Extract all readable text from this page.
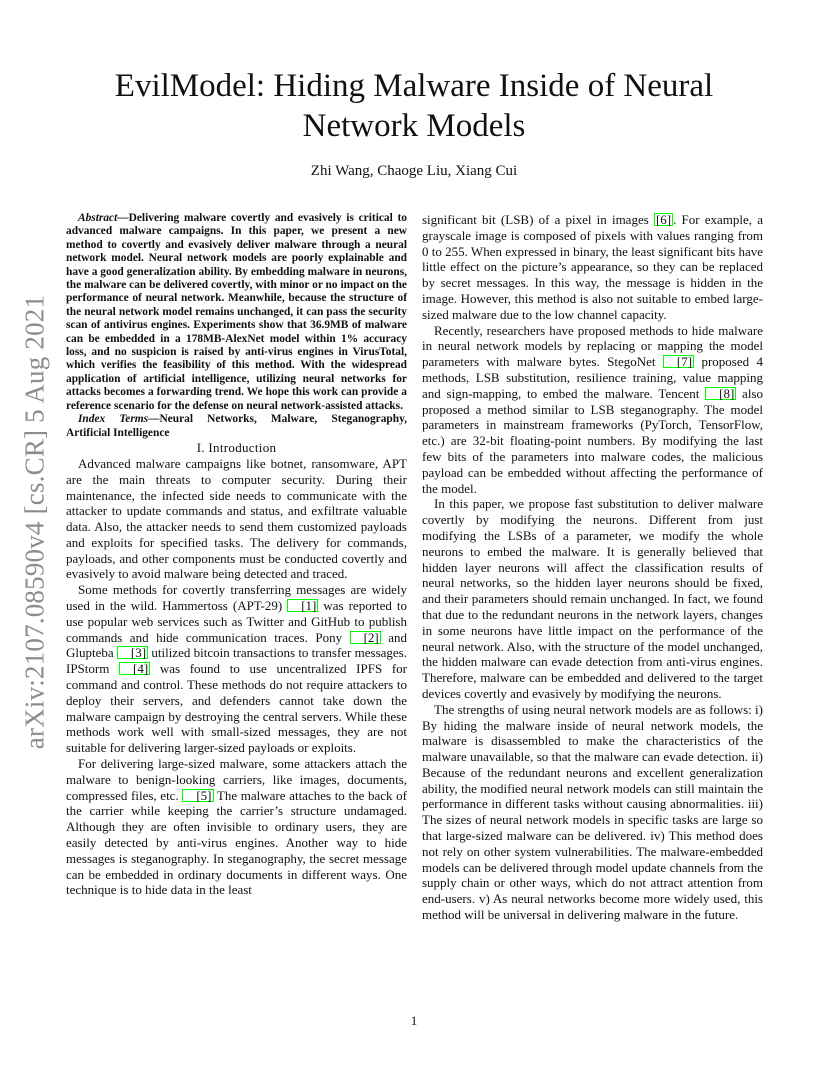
arXiv:2107.08590v4 [cs.CR] 5 Aug 2021
EvilModel: Hiding Malware Inside of Neural
Network Models
Zhi Wang, Chaoge Liu, Xiang Cui

Abstract—Delivering malware covertly and evasively is critical to advanced malware campaigns. In this paper, we present a new method to covertly and evasively deliver malware through a neural network model. Neural network models are poorly explainable and have a good generalization ability. By embedding malware in neurons, the malware can be delivered covertly, with minor or no impact on the performance of neural network. Meanwhile, because the structure of the neural network model remains unchanged, it can pass the security scan of antivirus engines. Experiments show that 36.9MB of malware can be embedded in a 178MB-AlexNet model within 1% accuracy loss, and no suspicion is raised by anti-virus engines in VirusTotal, which verifies the feasibility of this method. With the widespread application of artificial intelligence, utilizing neural networks for attacks becomes a forwarding trend. We hope this work can provide a reference scenario for the defense on neural network-assisted attacks.

Index Terms—Neural Networks, Malware, Steganography, Artificial Intelligence

I. Introduction

Advanced malware campaigns like botnet, ransomware, APT are the main threats to computer security. During their maintenance, the infected side needs to communicate with the attacker to update commands and status, and exfiltrate valuable data. Also, the attacker needs to send them customized payloads and exploits for specified tasks. The delivery for commands, payloads, and other components must be conducted covertly and evasively to avoid malware being detected and traced.

Some methods for covertly transferring messages are widely used in the wild. Hammertoss (APT-29) [1] was reported to use popular web services such as Twitter and GitHub to publish commands and hide communication traces. Pony [2] and Glupteba [3] utilized bitcoin transactions to transfer messages. IPStorm [4] was found to use uncentralized IPFS for command and control. These methods do not require attackers to deploy their servers, and defenders cannot take down the malware campaign by destroying the central servers. While these methods work well with small-sized messages, they are not suitable for delivering larger-sized payloads or exploits.

For delivering large-sized malware, some attackers attach the malware to benign-looking carriers, like images, documents, compressed files, etc. [5] The malware attaches to the back of the carrier while keeping the carrier’s structure undamaged. Although they are often invisible to ordinary users, they are easily detected by anti-virus engines. Another way to hide messages is steganography. In steganography, the secret message can be embedded in ordinary documents in different ways. One technique is to hide data in the least

significant bit (LSB) of a pixel in images [6] . For example, a grayscale image is composed of pixels with values ranging from 0 to 255. When expressed in binary, the least significant bits have little effect on the picture’s appearance, so they can be replaced by secret messages. In this way, the message is hidden in the image. However, this method is also not suitable to embed large-sized malware due to the low channel capacity.

Recently, researchers have proposed methods to hide malware in neural network models by replacing or mapping the model parameters with malware bytes. StegoNet [7] proposed 4 methods, LSB substitution, resilience training, value mapping and sign-mapping, to embed the malware. Tencent [8] also proposed a method similar to LSB steganography. The model parameters in mainstream frameworks (PyTorch, TensorFlow, etc.) are 32-bit floating-point numbers. By modifying the last few bits of the parameters into malware codes, the malicious payload can be embedded without affecting the performance of the model.

In this paper, we propose fast substitution to deliver malware covertly by modifying the neurons. Different from just modifying the LSBs of a parameter, we modify the whole neurons to embed the malware. It is generally believed that hidden layer neurons will affect the classification results of neural networks, so the hidden layer neurons should be fixed, and their parameters should remain unchanged. In fact, we found that due to the redundant neurons in the network layers, changes in some neurons have little impact on the performance of the neural network. Also, with the structure of the model unchanged, the hidden malware can evade detection from anti-virus engines. Therefore, malware can be embedded and delivered to the target devices covertly and evasively by modifying the neurons.

The strengths of using neural network models are as follows: i) By hiding the malware inside of neural network models, the malware is disassembled to make the characteristics of the malware unavailable, so that the malware can evade detection. ii) Because of the redundant neurons and excellent generalization ability, the modified neural network models can still maintain the performance in different tasks without causing abnormalities. iii) The sizes of neural network models in specific tasks are large so that large-sized malware can be delivered. iv) This method does not rely on other system vulnerabilities. The malware-embedded models can be delivered through model update channels from the supply chain or other ways, which do not attract attention from end-users. v) As neural networks become more widely used, this method will be universal in delivering malware in the future.

1
